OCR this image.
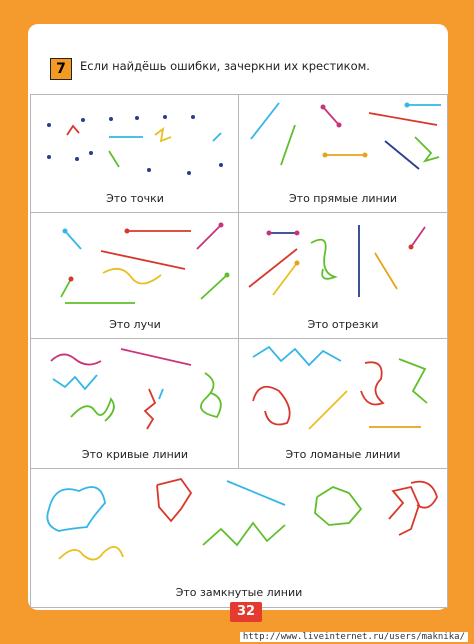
7	Если найдёшь ошибки, зачеркни их крестиком.
Это точки	Это прямые линии
Это лучи	Это отрезки
Это кривые линии	Это ломаные линии
Это замкнутые линии
32
http://www.liveinternet.ru/users/maknika/
